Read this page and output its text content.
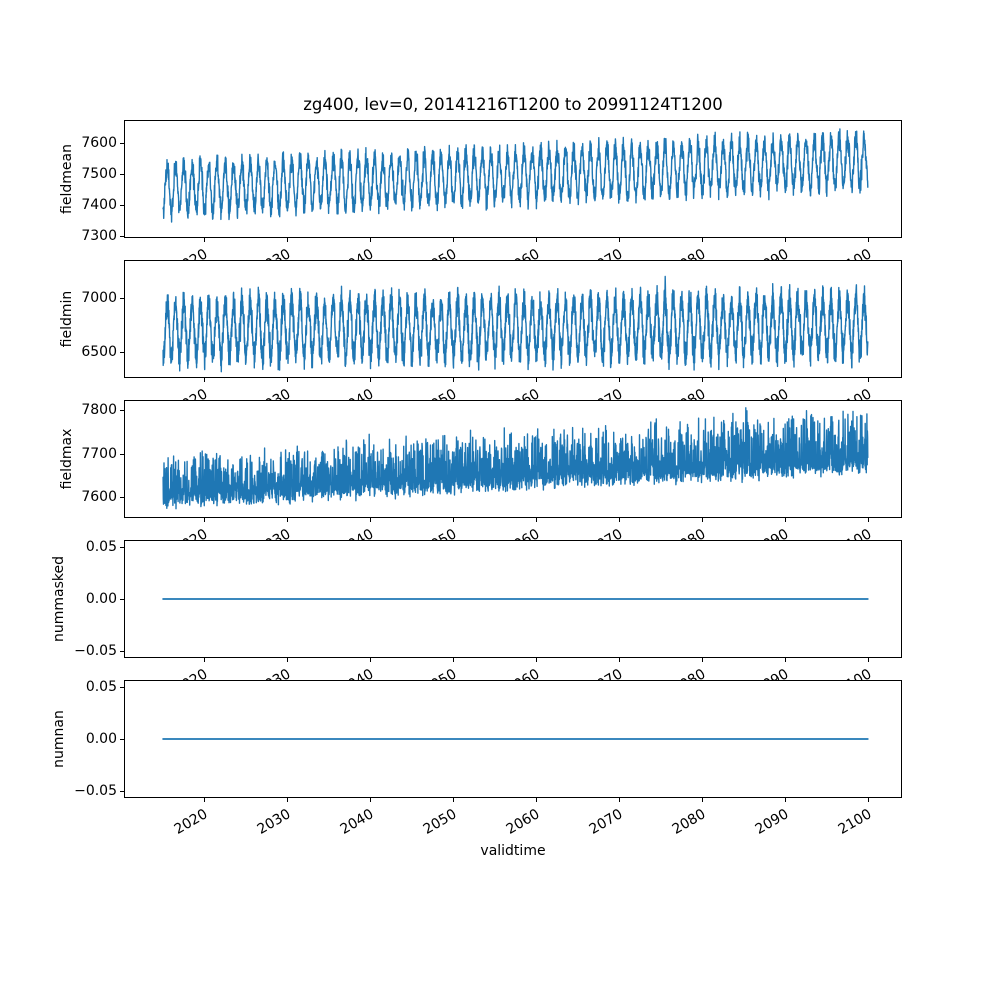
zg400, lev=0, 20141216T1200 to 20991124T1200
7300
7400
7500
7600
fieldmean
6500
7000
fieldmin
7600
7700
7800
fieldmax
−0.05
0.00
0.05
nummasked
−0.05
0.00
0.05
numnan
2020	2030	2040	2050	2060	2070	2080	2090	2100
validtime
